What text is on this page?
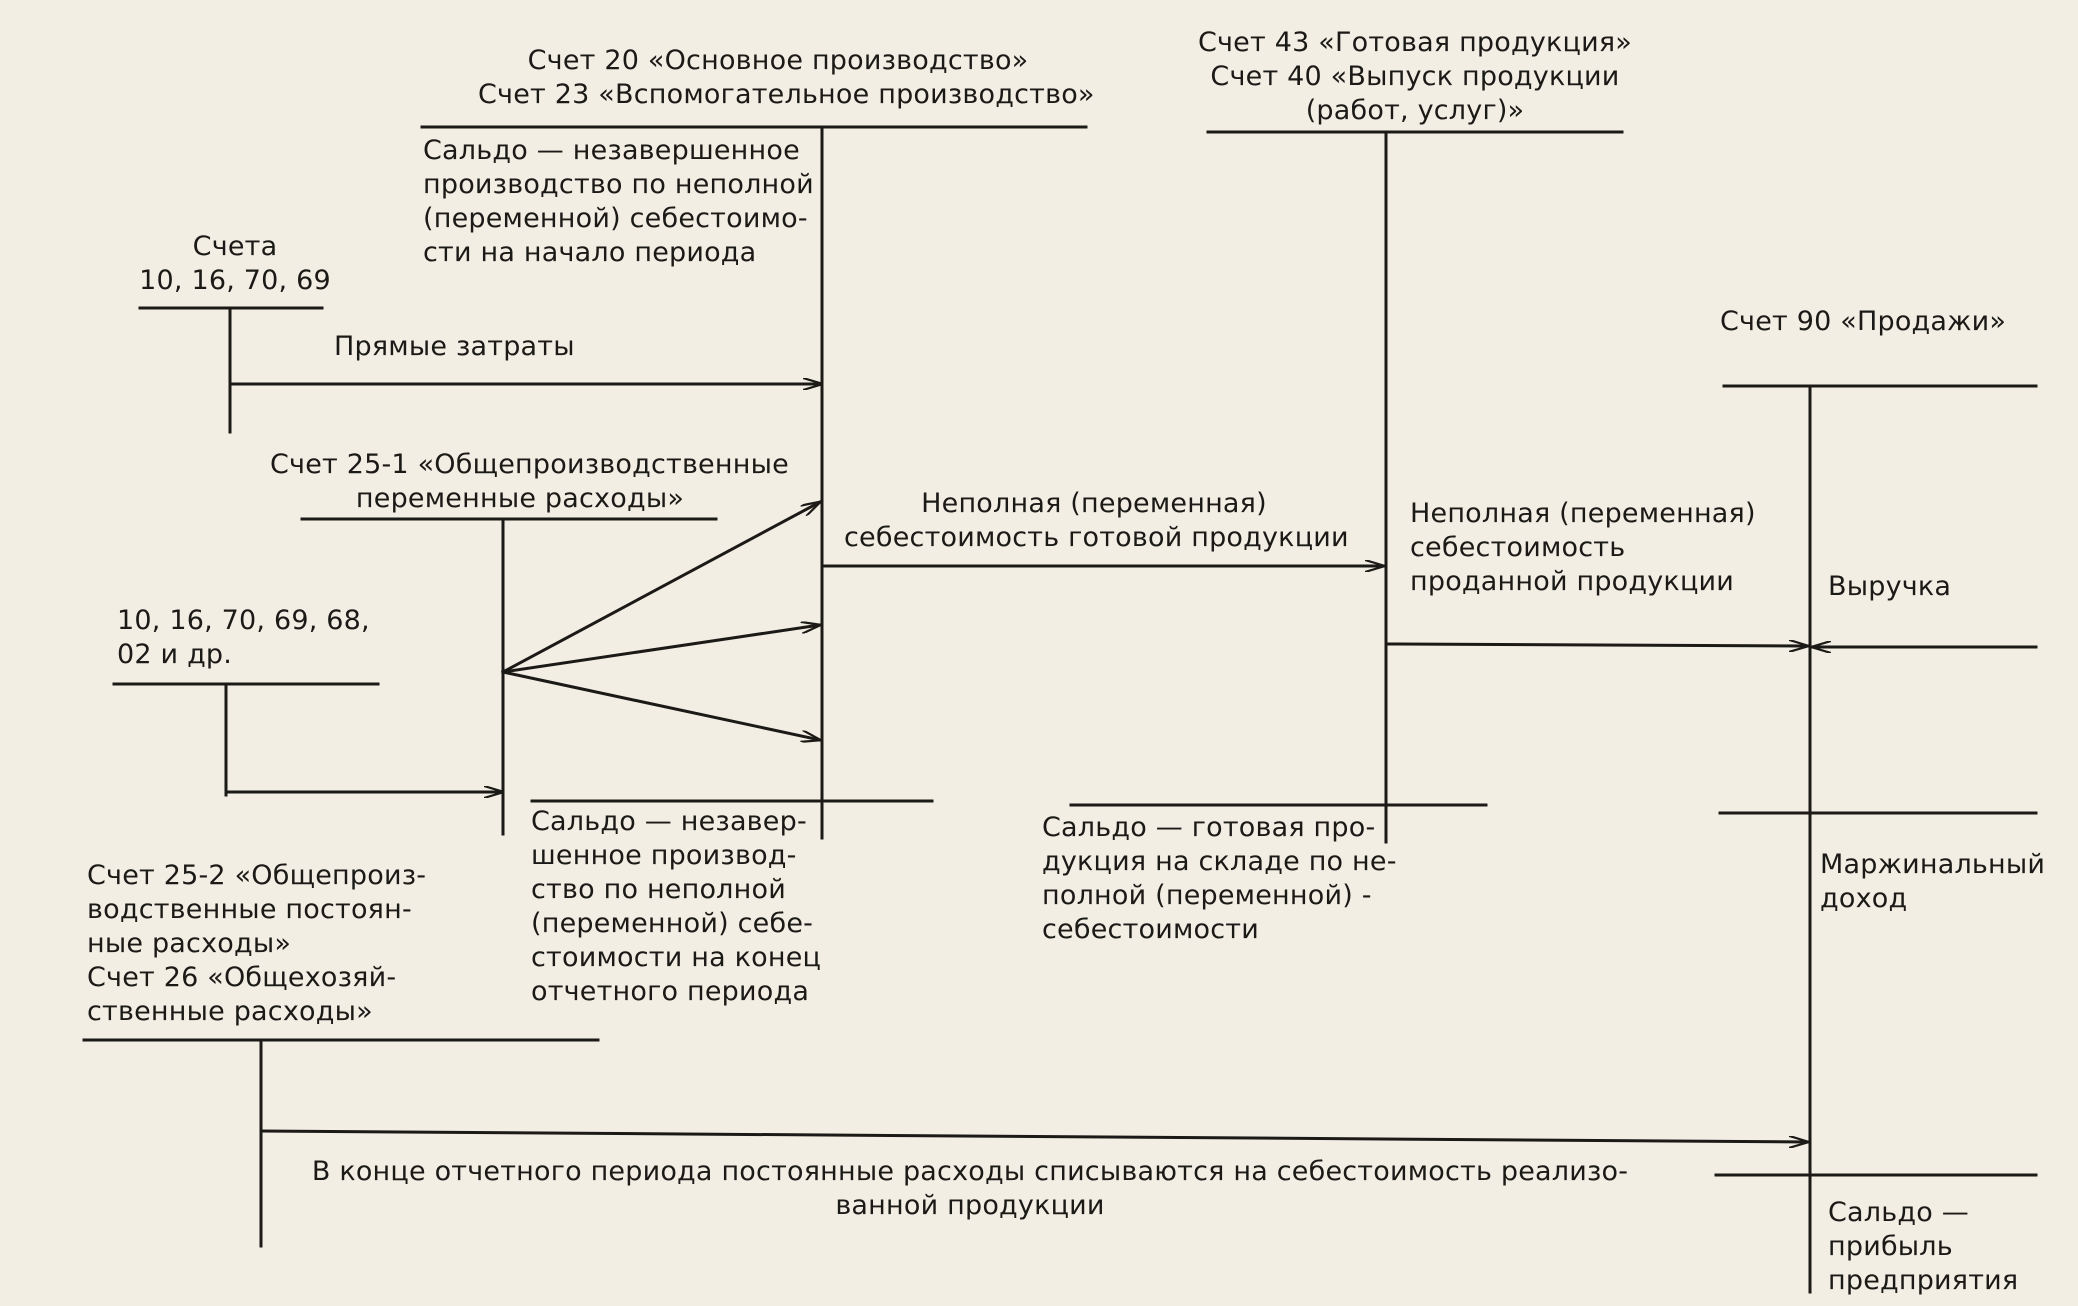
Счет 20 «Основное производство»
Счет 23 «Вспомогательное производство»
Сальдо — незавершенное
производство по неполной
(переменной) себестоимо-
сти на начало периода
Счета
10, 16, 70, 69
Прямые затраты
Счет 25-1 «Общепроизводственные
переменные расходы»
10, 16, 70, 69, 68,
02 и др.
Сальдо — незавер-
шенное производ-
ство по неполной
(переменной) себе-
стоимости на конец
отчетного периода
Счет 25-2 «Общепроиз-
водственные постоян-
ные расходы»
Счет 26 «Общехозяй-
ственные расходы»
Счет 43 «Готовая продукция»
Счет 40 «Выпуск продукции
(работ, услуг)»
Неполная (переменная)
себестоимость готовой продукции
Неполная (переменная)
себестоимость
проданной продукции
Сальдо — готовая про-
дукция на складе по не-
полной (переменной) -
себестоимости
Счет 90 «Продажи»
Выручка
Маржинальный
доход
В конце отчетного периода постоянные расходы списываются на себестоимость реализо-
ванной продукции	Сальдо —
прибыль
предприятия
